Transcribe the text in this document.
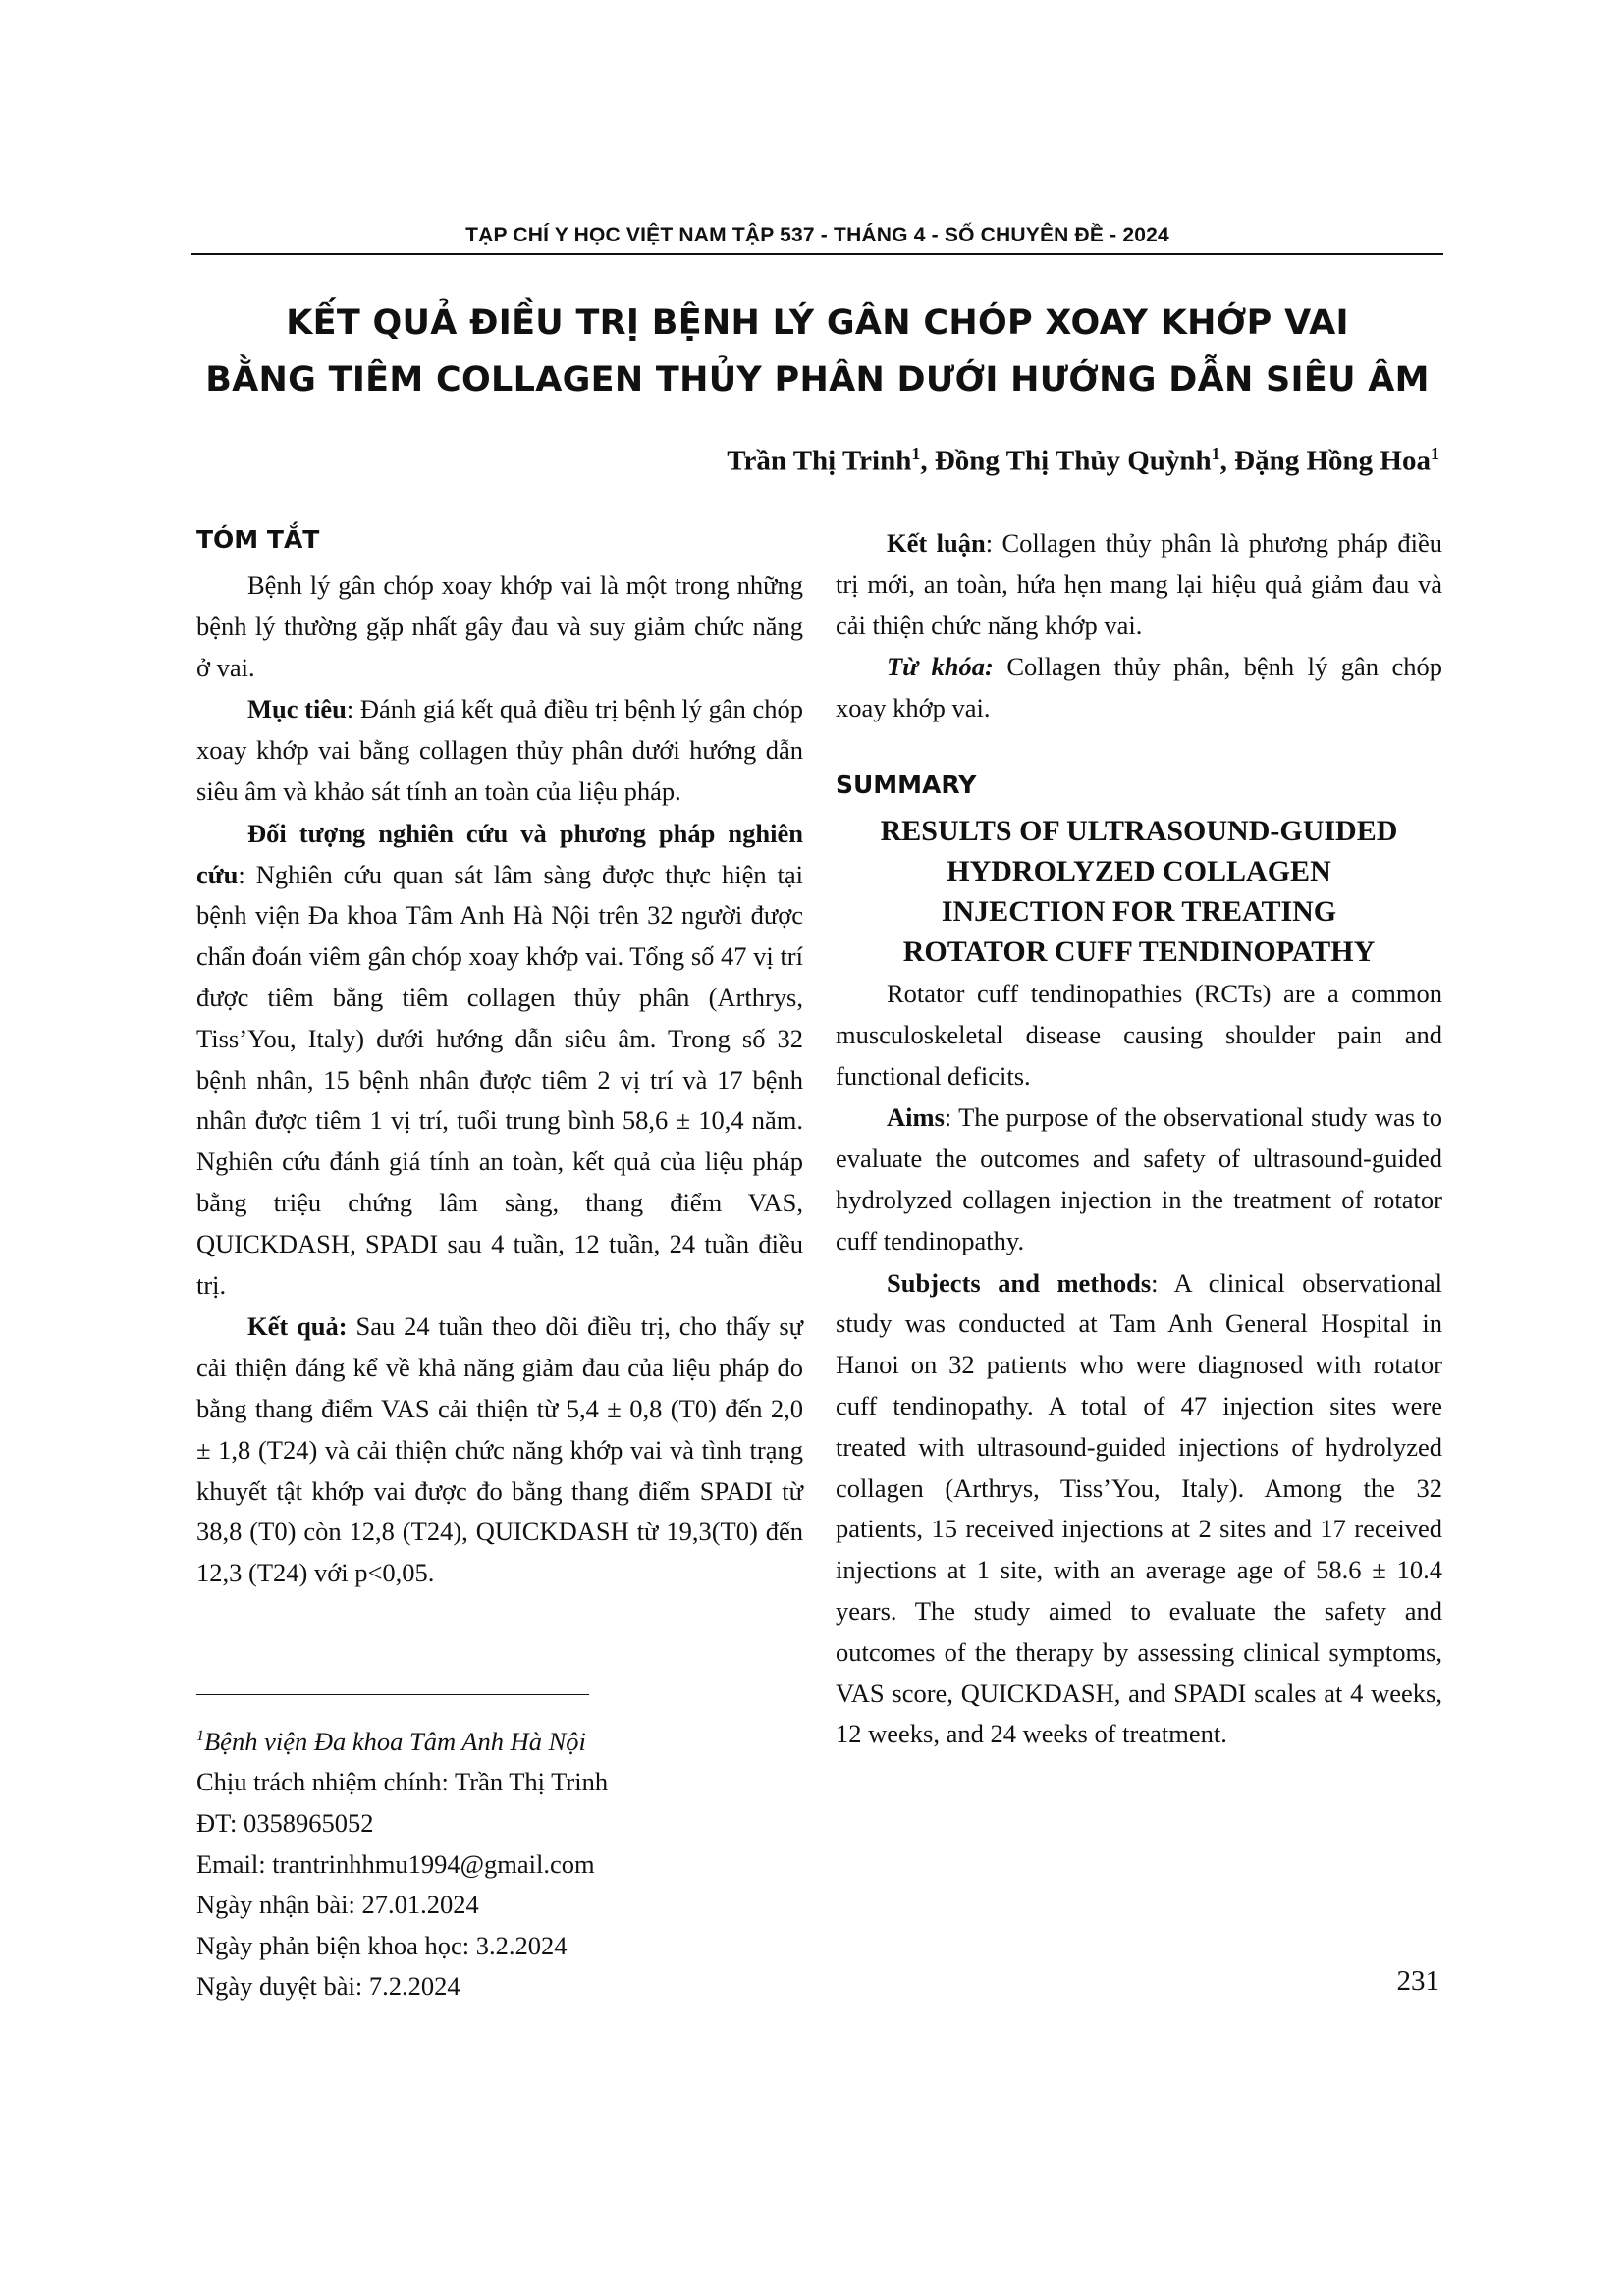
TẠP CHÍ Y HỌC VIỆT NAM TẬP 537 - THÁNG 4 - SỐ CHUYÊN ĐỀ - 2024
KẾT QUẢ ĐIỀU TRỊ BỆNH LÝ GÂN CHÓP XOAY KHỚP VAI
BẰNG TIÊM COLLAGEN THỦY PHÂN DƯỚI HƯỚNG DẪN SIÊU ÂM
Trần Thị Trinh$^1$, Đồng Thị Thủy Quỳnh$^1$, Đặng Hồng Hoa$^1$
TÓM TẮT

Bệnh lý gân chóp xoay khớp vai là một trong những bệnh lý thường gặp nhất gây đau và suy giảm chức năng ở vai.

Mục tiêu: Đánh giá kết quả điều trị bệnh lý gân chóp xoay khớp vai bằng collagen thủy phân dưới hướng dẫn siêu âm và khảo sát tính an toàn của liệu pháp.

Đối tượng nghiên cứu và phương pháp nghiên cứu: Nghiên cứu quan sát lâm sàng được thực hiện tại bệnh viện Đa khoa Tâm Anh Hà Nội trên 32 người được chẩn đoán viêm gân chóp xoay khớp vai. Tổng số 47 vị trí được tiêm bằng tiêm collagen thủy phân (Arthrys, Tiss’You, Italy) dưới hướng dẫn siêu âm. Trong số 32 bệnh nhân, 15 bệnh nhân được tiêm 2 vị trí và 17 bệnh nhân được tiêm 1 vị trí, tuổi trung bình 58,6 ± 10,4 năm. Nghiên cứu đánh giá tính an toàn, kết quả của liệu pháp bằng triệu chứng lâm sàng, thang điểm VAS, QUICKDASH, SPADI sau 4 tuần, 12 tuần, 24 tuần điều trị.

Kết quả: Sau 24 tuần theo dõi điều trị, cho thấy sự cải thiện đáng kể về khả năng giảm đau của liệu pháp đo bằng thang điểm VAS cải thiện từ 5,4 ± 0,8 (T0) đến 2,0 ± 1,8 (T24) và cải thiện chức năng khớp vai và tình trạng khuyết tật khớp vai được đo bằng thang điểm SPADI từ 38,8 (T0) còn 12,8 (T24), QUICKDASH từ 19,3(T0) đến 12,3 (T24) với p<0,05.

$^1$Bệnh viện Đa khoa Tâm Anh Hà Nội
Chịu trách nhiệm chính: Trần Thị Trinh
ĐT: 0358965052
Email: trantrinhhmu1994@gmail.com
Ngày nhận bài: 27.01.2024
Ngày phản biện khoa học: 3.2.2024
Ngày duyệt bài: 7.2.2024

Kết luận: Collagen thủy phân là phương pháp điều trị mới, an toàn, hứa hẹn mang lại hiệu quả giảm đau và cải thiện chức năng khớp vai.

Từ khóa: Collagen thủy phân, bệnh lý gân chóp xoay khớp vai.

SUMMARY
RESULTS OF ULTRASOUND-GUIDED
HYDROLYZED COLLAGEN
INJECTION FOR TREATING
ROTATOR CUFF TENDINOPATHY

Rotator cuff tendinopathies (RCTs) are a common musculoskeletal disease causing shoulder pain and functional deficits.

Aims: The purpose of the observational study was to evaluate the outcomes and safety of ultrasound-guided hydrolyzed collagen injection in the treatment of rotator cuff tendinopathy.

Subjects and methods: A clinical observational study was conducted at Tam Anh General Hospital in Hanoi on 32 patients who were diagnosed with rotator cuff tendinopathy. A total of 47 injection sites were treated with ultrasound-guided injections of hydrolyzed collagen (Arthrys, Tiss’You, Italy). Among the 32 patients, 15 received injections at 2 sites and 17 received injections at 1 site, with an average age of 58.6 ± 10.4 years. The study aimed to evaluate the safety and outcomes of the therapy by assessing clinical symptoms, VAS score, QUICKDASH, and SPADI scales at 4 weeks, 12 weeks, and 24 weeks of treatment.

231
